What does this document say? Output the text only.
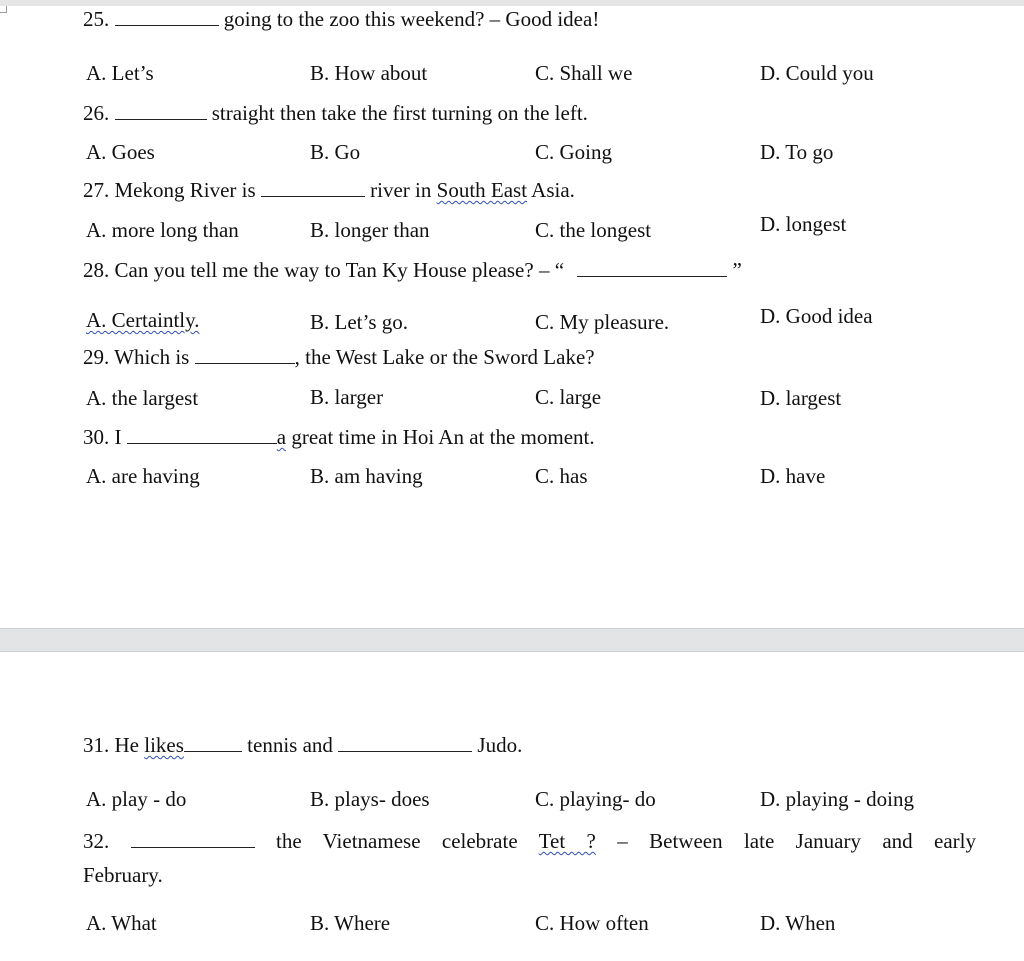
25.	going to the zoo this weekend? – Good idea!
A. Let’s	B. How about	C. Shall we	D. Could you
26.	straight then take the first turning on the left.
A. Goes	B. Go	C. Going	D. To go
27. Mekong River is	river in South East Asia.
A. more long than	B. longer than	C. the longest	D. longest
28. Can you tell me the way to Tan Ky House please? – “	”
A. Certaintly.	B. Let’s go.	C. My pleasure.	D. Good idea
29. Which is	, the West Lake or the Sword Lake?
A. the largest	B. larger	C. large	D. largest
30. I	a great time in Hoi An at the moment.
A. are having	B. am having	C. has	D. have
31. He likes	tennis and	Judo.
A. play - do	B. plays- does	C. playing- do	D. playing - doing
32.	the Vietnamese celebrate Tet ? – Between late January and early
February.
A. What	B. Where	C. How often	D. When
